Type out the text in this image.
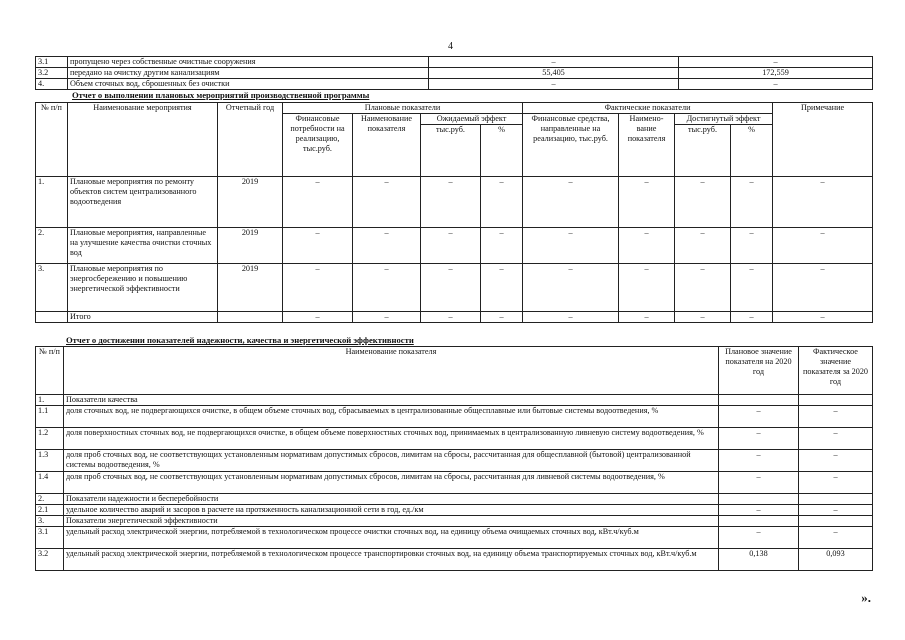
4
3.1	пропущено через собственные очистные сооружения	–	–
3.2	передано на очистку другим канализациям	55,405	172,559
4.	Объем сточных вод, сброшенных без очистки	–	–
Отчет о выполнении плановых мероприятий производственной программы
№ п/п	Наименование мероприятия	Отчетный год	Плановые показатели				Фактические показатели				Примечание
			Финансовые потребности на реализацию, тыс.руб.	Наименование показателя	Ожидаемый эффект		Финансовые средства, направленные на реализацию, тыс.руб.	Наимено-вание показателя	Достигнутый эффект		
					тыс.руб.	%			тыс.руб.	%	
1.	Плановые мероприятия по ремонту объектов систем централизованного водоотведения	2019	–	–	–	–	–	–	–	–	–
2.	Плановые мероприятия, направленные на улучшение качества очистки сточных вод	2019	–	–	–	–	–	–	–	–	–
3.	Плановые мероприятия по энергосбережению и повышению энергетической эффективности	2019	–	–	–	–	–	–	–	–	–
	Итого		–	–	–	–	–	–	–	–	–
Отчет о достижении показателей надежности, качества и энергетической эффективности
№ п/п	Наименование показателя	Плановое значение показателя на 2020 год	Фактическое значение показателя за 2020 год
1.	Показатели качества		
1.1	доля сточных вод, не подвергающихся очистке, в общем объеме сточных вод, сбрасываемых в централизованные общесплавные или бытовые системы водоотведения, %	–	–
1.2	доля поверхностных сточных вод, не подвергающихся очистке, в общем объеме поверхностных сточных вод, принимаемых в централизованную ливневую систему водоотведения, %	–	–
1.3	доля проб сточных вод, не соответствующих установленным нормативам допустимых сбросов, лимитам на сбросы, рассчитанная для общесплавной (бытовой) централизованной системы водоотведения, %	–	–
1.4	доля проб сточных вод, не соответствующих установленным нормативам допустимых сбросов, лимитам на сбросы, рассчитанная для ливневой системы водоотведения, %	–	–
2.	Показатели надежности и бесперебойности		
2.1	удельное количество аварий и засоров в расчете на протяженность канализационной сети в год, ед./км	–	–
3.	Показатели энергетической эффективности		
3.1	удельный расход электрической энергии, потребляемой в технологическом процессе очистки сточных вод, на единицу объема очищаемых сточных вод, кВт.ч/куб.м	–	–
3.2	удельный расход электрической энергии, потребляемой в технологическом процессе транспортировки сточных вод, на единицу объема транспортируемых сточных вод, кВт.ч/куб.м	0,138	0,093
».
